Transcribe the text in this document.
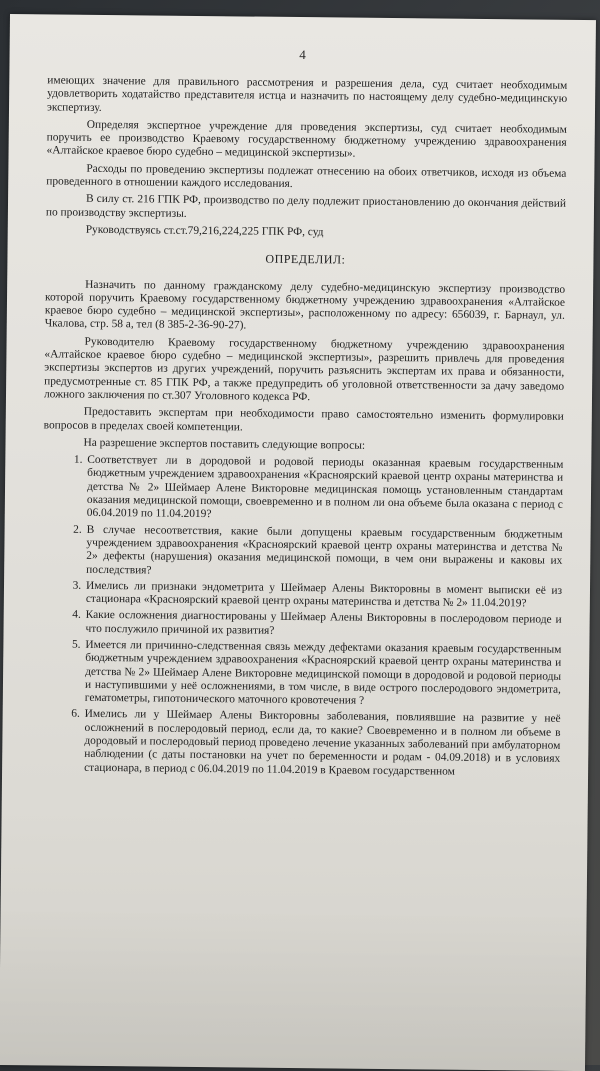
4

имеющих значение для правильного рассмотрения и разрешения дела, суд считает необходимым удовлетворить ходатайство представителя истца и назначить по настоящему делу судебно-медицинскую экспертизу.

Определяя экспертное учреждение для проведения экспертизы, суд считает необходимым поручить ее производство Краевому государственному бюджетному учреждению здравоохранения «Алтайское краевое бюро судебно – медицинской экспертизы».

Расходы по проведению экспертизы подлежат отнесению на обоих ответчиков, исходя из объема проведенного в отношении каждого исследования.

В силу ст. 216 ГПК РФ, производство по делу подлежит приостановлению до окончания действий по производству экспертизы.

Руководствуясь ст.ст.79,216,224,225 ГПК РФ, суд

ОПРЕДЕЛИЛ:

Назначить по данному гражданскому делу судебно-медицинскую экспертизу производство которой поручить Краевому государственному бюджетному учреждению здравоохранения «Алтайское краевое бюро судебно – медицинской экспертизы», расположенному по адресу: 656039, г. Барнаул, ул. Чкалова, стр. 58 а, тел (8 385-2-36-90-27).

Руководителю Краевому государственному бюджетному учреждению здравоохранения «Алтайское краевое бюро судебно – медицинской экспертизы», разрешить привлечь для проведения экспертизы экспертов из других учреждений, поручить разъяснить экспертам их права и обязанности, предусмотренные ст. 85 ГПК РФ, а также предупредить об уголовной ответственности за дачу заведомо ложного заключения по ст.307 Уголовного кодекса РФ.

Предоставить экспертам при необходимости право самостоятельно изменить формулировки вопросов в пределах своей компетенции.

На разрешение экспертов поставить следующие вопросы:

1. Соответствует ли в дородовой и родовой периоды оказанная краевым государственным бюджетным учреждением здравоохранения «Красноярский краевой центр охраны материнства и детства № 2» Шеймаер Алене Викторовне медицинская помощь установленным стандартам оказания медицинской помощи, своевременно и в полном ли она объеме была оказана с период с 06.04.2019 по 11.04.2019?
2. В случае несоответствия, какие были допущены краевым государственным бюджетным учреждением здравоохранения «Красноярский краевой центр охраны материнства и детства № 2» дефекты (нарушения) оказания медицинской помощи, в чем они выражены и каковы их последствия?
3. Имелись ли признаки эндометрита у Шеймаер Алены Викторовны в момент выписки её из стационара «Красноярский краевой центр охраны материнства и детства № 2» 11.04.2019?
4. Какие осложнения диагностированы у Шеймаер Алены Викторовны в послеродовом периоде и что послужило причиной их развития?
5. Имеется ли причинно-следственная связь между дефектами оказания краевым государственным бюджетным учреждением здравоохранения «Красноярский краевой центр охраны материнства и детства № 2» Шеймаер Алене Викторовне медицинской помощи в дородовой и родовой периоды и наступившими у неё осложнениями, в том числе, в виде острого послеродового эндометрита, гематометры, гипотонического маточного кровотечения ?
6. Имелись ли у Шеймаер Алены Викторовны заболевания, повлиявшие на развитие у неё осложнений в послеродовый период, если да, то какие? Своевременно и в полном ли объеме в дородовый и послеродовый период проведено лечение указанных заболеваний при амбулаторном наблюдении (с даты постановки на учет по беременности и родам - 04.09.2018) и в условиях стационара, в период с 06.04.2019 по 11.04.2019 в Краевом государственном
